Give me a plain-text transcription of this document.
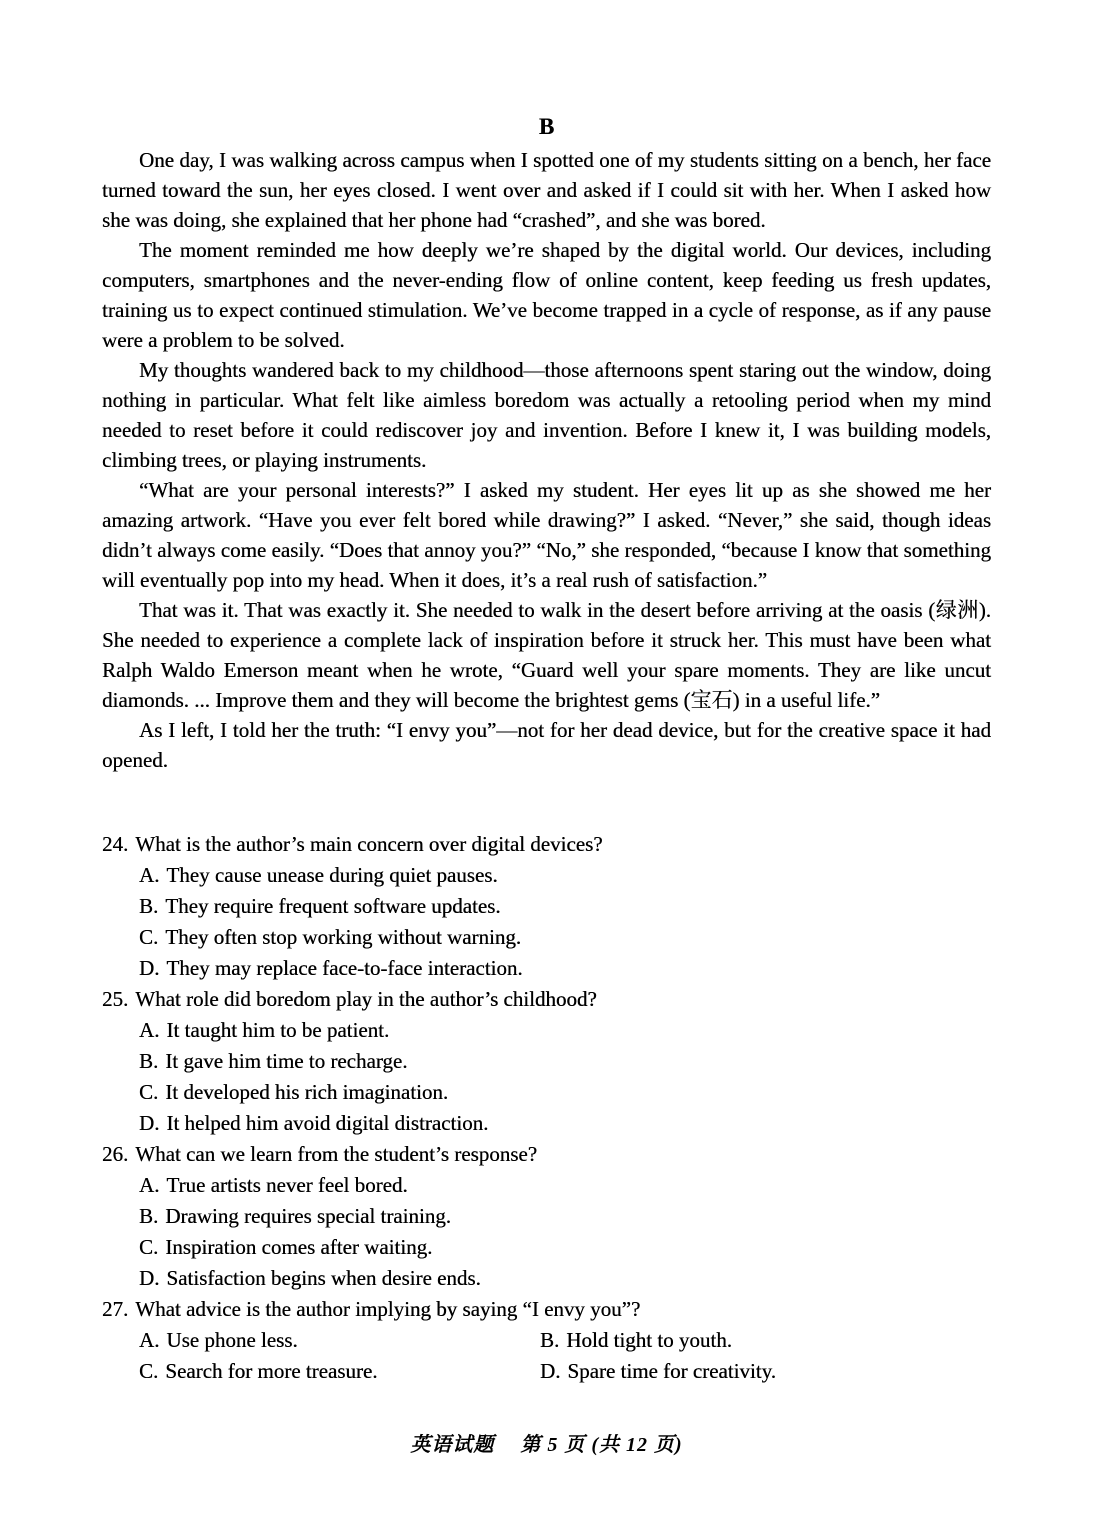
B

One day, I was walking across campus when I spotted one of my students sitting on a bench, her face turned toward the sun, her eyes closed. I went over and asked if I could sit with her. When I asked how she was doing, she explained that her phone had “crashed”, and she was bored.

The moment reminded me how deeply we’re shaped by the digital world. Our devices, including computers, smartphones and the never-ending flow of online content, keep feeding us fresh updates, training us to expect continued stimulation. We’ve become trapped in a cycle of response, as if any pause were a problem to be solved.

My thoughts wandered back to my childhood—those afternoons spent staring out the window, doing nothing in particular. What felt like aimless boredom was actually a retooling period when my mind needed to reset before it could rediscover joy and invention. Before I knew it, I was building models, climbing trees, or playing instruments.

“What are your personal interests?” I asked my student. Her eyes lit up as she showed me her amazing artwork. “Have you ever felt bored while drawing?” I asked. “Never,” she said, though ideas didn’t always come easily. “Does that annoy you?” “No,” she responded, “because I know that something will eventually pop into my head. When it does, it’s a real rush of satisfaction.”

That was it. That was exactly it. She needed to walk in the desert before arriving at the oasis (绿洲). She needed to experience a complete lack of inspiration before it struck her. This must have been what Ralph Waldo Emerson meant when he wrote, “Guard well your spare moments. They are like uncut diamonds. ... Improve them and they will become the brightest gems (宝石) in a useful life.”

As I left, I told her the truth: “I envy you”—not for her dead device, but for the creative space it had opened.

24. What is the author’s main concern over digital devices?
A. They cause unease during quiet pauses.
B. They require frequent software updates.
C. They often stop working without warning.
D. They may replace face-to-face interaction.
25. What role did boredom play in the author’s childhood?
A. It taught him to be patient.
B. It gave him time to recharge.
C. It developed his rich imagination.
D. It helped him avoid digital distraction.
26. What can we learn from the student’s response?
A. True artists never feel bored.
B. Drawing requires special training.
C. Inspiration comes after waiting.
D. Satisfaction begins when desire ends.
27. What advice is the author implying by saying “I envy you”?
A. Use phone less.	B. Hold tight to youth.
C. Search for more treasure.	D. Spare time for creativity.
英语试题 第 5 页 (共 12 页)
